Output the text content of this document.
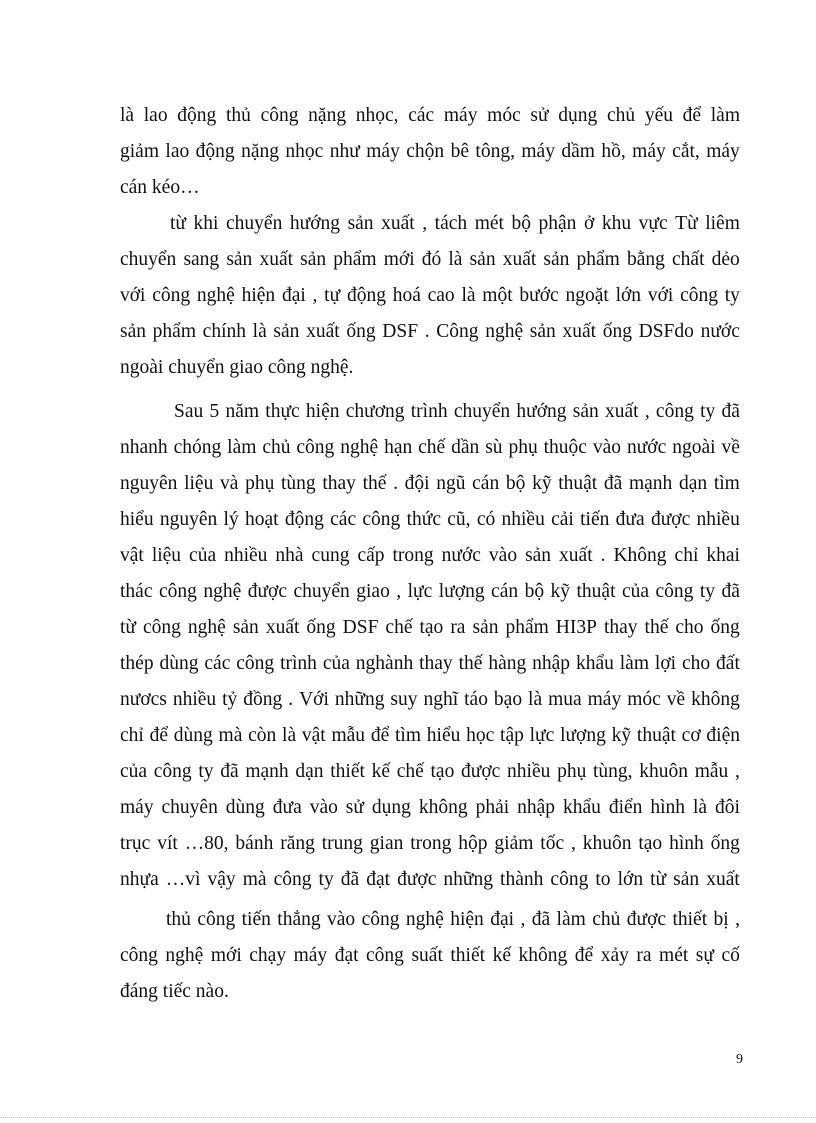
là lao động thủ công nặng nhọc, các máy móc sử dụng chủ yếu để làm
giảm lao động nặng nhọc như máy chộn bê tông, máy dầm hồ, máy cắt, máy
cán kéo…
từ khi chuyển hướng sản xuất , tách mét bộ phận ở khu vực Từ liêm
chuyển sang sản xuất sản phẩm mới đó là sản xuất sản phẩm bằng chất dẻo
với công nghệ hiện đại , tự động hoá cao là một bước ngoặt lớn với công ty
sản phẩm chính là sản xuất ống DSF . Công nghệ sản xuất ống DSFdo nước
ngoài chuyển giao công nghệ.
Sau 5 năm thực hiện chương trình chuyển hướng sản xuất , công ty đã
nhanh chóng làm chủ công nghệ hạn chế dần sù phụ thuộc vào nước ngoài về
nguyên liệu và phụ tùng thay thế . đội ngũ cán bộ kỹ thuật đã mạnh dạn tìm
hiểu nguyên lý hoạt động các công thức cũ, có nhiều cải tiến đưa được nhiều
vật liệu của nhiều nhà cung cấp trong nước vào sản xuất . Không chỉ khai
thác công nghệ được chuyển giao , lực lượng cán bộ kỹ thuật của công ty đã
từ công nghệ sản xuất ống DSF chế tạo ra sản phẩm HI3P thay thế cho ống
thép dùng các công trình của nghành thay thế hàng nhập khẩu làm lợi cho đất
nươcs nhiều tỷ đồng . Với những suy nghĩ táo bạo là mua máy móc về không
chỉ để dùng mà còn là vật mẫu để tìm hiểu học tập lực lượng kỹ thuật cơ điện
của công ty đã mạnh dạn thiết kế chế tạo được nhiều phụ tùng, khuôn mẫu ,
máy chuyên dùng đưa vào sử dụng không phải nhập khẩu điển hình là đôi
trục vít …80, bánh răng trung gian trong hộp giảm tốc , khuôn tạo hình ống
nhựa …vì vậy mà công ty đã đạt được những thành công to lớn từ sản xuất
thủ công tiến thẳng vào công nghệ hiện đại , đã làm chủ được thiết bị ,
công nghệ mới chạy máy đạt công suất thiết kế không để xảy ra mét sự cố
đáng tiếc nào.
9
